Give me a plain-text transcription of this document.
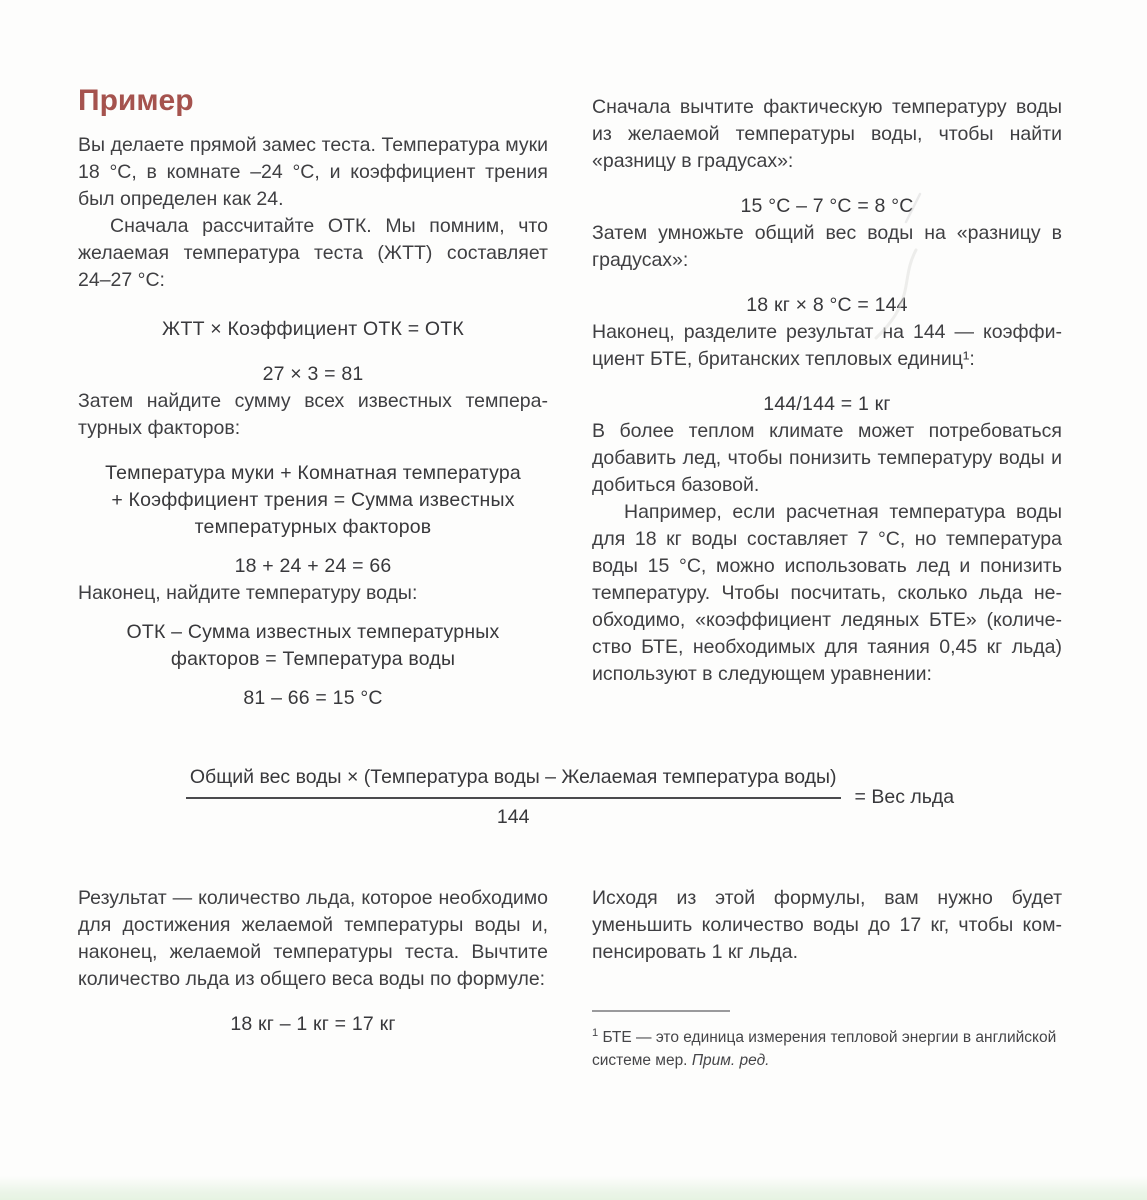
Пример

Вы делаете прямой замес теста. Температура муки 18 °C, в комнате –24 °C, и коэффициент трения был определен как 24.

Сначала рассчитайте ОТК. Мы помним, что желаемая температура теста (ЖТТ) составляет 24–27 °C:

ЖТТ × Коэффициент ОТК = ОТК
27 × 3 = 81

Затем найдите сумму всех известных температурных факторов:

Температура муки + Комнатная температура
+ Коэффициент трения = Сумма известных
температурных факторов
18 + 24 + 24 = 66

Наконец, найдите температуру воды:

ОТК – Сумма известных температурных
факторов = Температура воды
81 – 66 = 15 °C

Сначала вычтите фактическую температуру воды из желаемой температуры воды, чтобы найти «разницу в градусах»:

15 °C – 7 °C = 8 °C

Затем умножьте общий вес воды на «разницу в градусах»:

18 кг × 8 °C = 144

Наконец, разделите результат на 144 — коэффициент БТЕ, британских тепловых единиц¹:

144/144 = 1 кг

В более теплом климате может потребоваться добавить лед, чтобы понизить температуру воды и добиться базовой.

Например, если расчетная температура воды для 18 кг воды составляет 7 °C, но температура воды 15 °C, можно использовать лед и понизить температуру. Чтобы посчитать, сколько льда необходимо, «коэффициент ледяных БТЕ» (количество БТЕ, необходимых для таяния 0,45 кг льда) используют в следующем уравнении:

Общий вес воды × (Температура воды – Желаемая температура воды)
144
= Вес льда

Результат — количество льда, которое необходимо для достижения желаемой температуры воды и, наконец, желаемой температуры теста. Вычтите количество льда из общего веса воды по формуле:

18 кг – 1 кг = 17 кг

Исходя из этой формулы, вам нужно будет уменьшить количество воды до 17 кг, чтобы компенсировать 1 кг льда.

$^1$ БТЕ — это единица измерения тепловой энергии в английской системе мер. Прим. ред.
